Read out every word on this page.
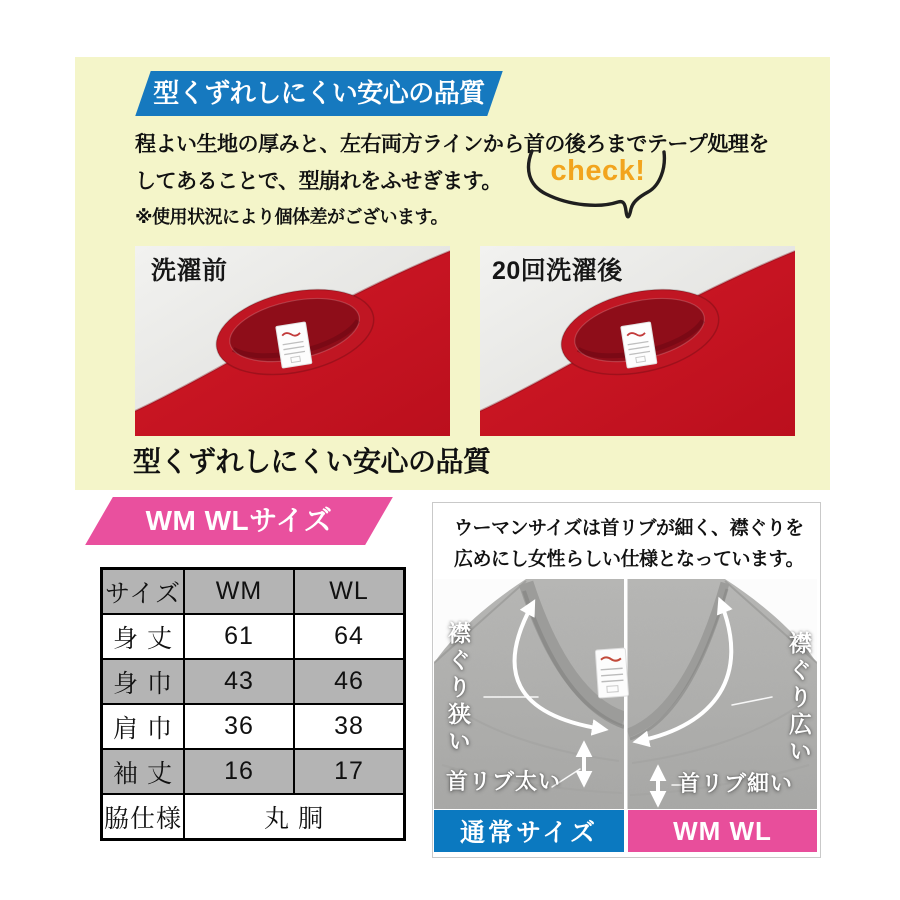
型くずれしにくい安心の品質
程よい生地の厚みと、左右両方ラインから首の後ろまでテープ処理を
してあることで、型崩れをふせぎます。
※使用状況により個体差がございます。
check!
洗濯前	20回洗濯後
型くずれしにくい安心の品質
WM WLサイズ
サイズ	WM	WL
身 丈	61	64
身 巾	43	46
肩 巾	36	38
袖 丈	16	17
脇仕様	丸 胴	
ウーマンサイズは首リブが細く、襟ぐりを
広めにし女性らしい仕様となっています。
襟ぐり狭い
首リブ太い
襟ぐり広い
首リブ細い
通常サイズ	WM WL
